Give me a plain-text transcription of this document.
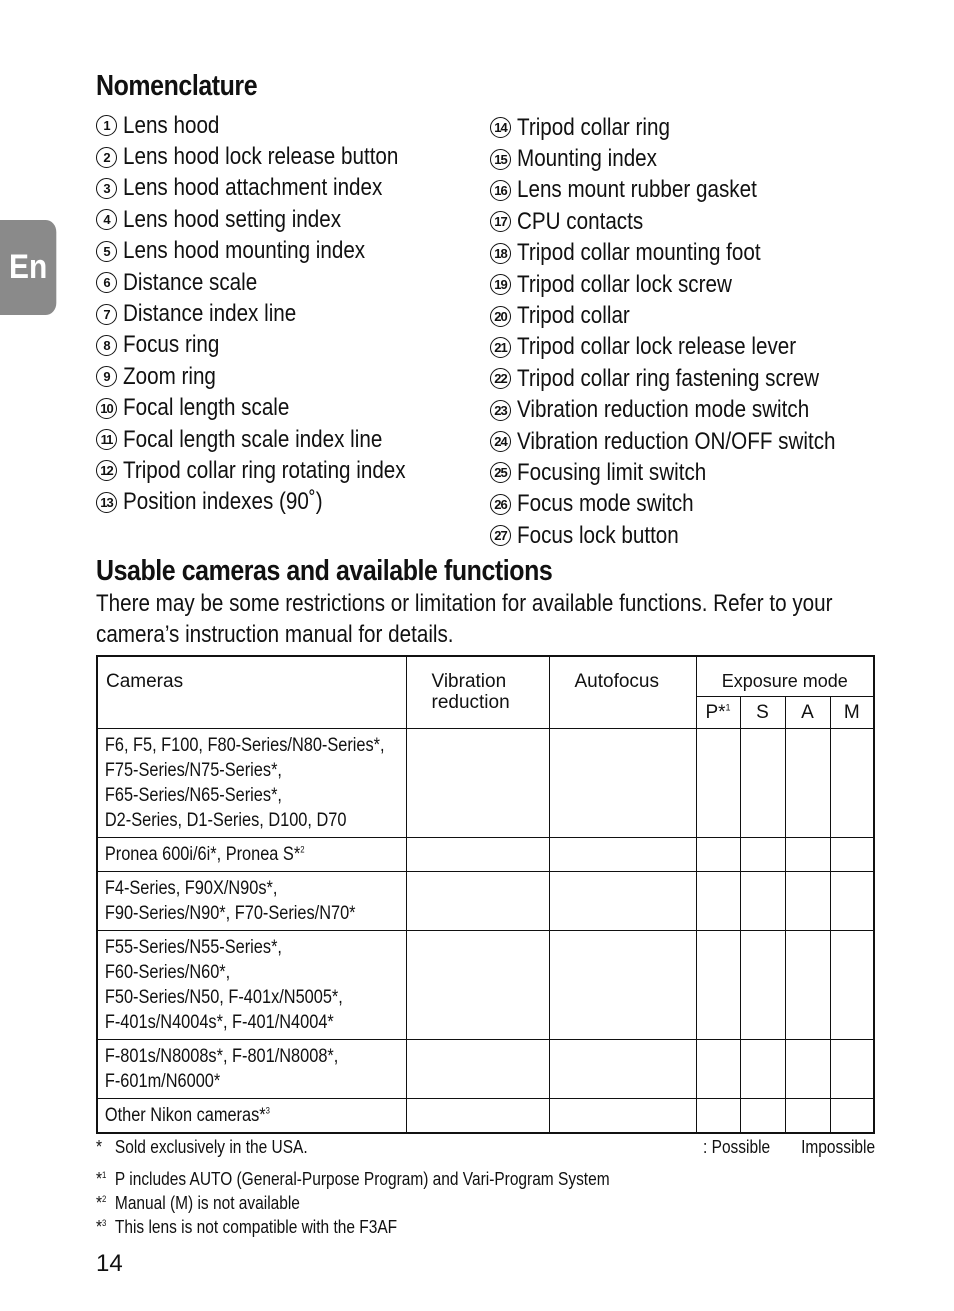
En
Nomenclature
1 Lens hood
2 Lens hood lock release button
3 Lens hood attachment index
4 Lens hood setting index
5 Lens hood mounting index
6 Distance scale
7 Distance index line
8 Focus ring
9 Zoom ring
10 Focal length scale
11 Focal length scale index line
12 Tripod collar ring rotating index
13 Position indexes (90˚)
14 Tripod collar ring
15 Mounting index
16 Lens mount rubber gasket
17 CPU contacts
18 Tripod collar mounting foot
19 Tripod collar lock screw
20 Tripod collar
21 Tripod collar lock release lever
22 Tripod collar ring fastening screw
23 Vibration reduction mode switch
24 Vibration reduction ON/OFF switch
25 Focusing limit switch
26 Focus mode switch
27 Focus lock button
Usable cameras and available functions

There may be some restrictions or limitation for available functions. Refer to your camera’s instruction manual for details.

Cameras	Vibration reduction	Autofocus	Exposure mode			

			P*$^1$	S	A	M

F6, F5, F100, F80-Series/N80-Series*,
F75-Series/N75-Series*,
F65-Series/N65-Series*,
D2-Series, D1-Series, D100, D70						

Pronea 600i/6i*, Pronea S*$^2$

F4-Series, F90X/N90s*,
F90-Series/N90*, F70-Series/N70*						

F55-Series/N55-Series*,
F60-Series/N60*,
F50-Series/N50, F-401x/N5005*,
F-401s/N4004s*, F-401/N4004*						

F-801s/N8008s*, F-801/N8008*,
F-601m/N6000*						

Other Nikon cameras*$^3$

* Sold exclusively in the USA.	: Possible Impossible

*$^1$ P includes AUTO (General-Purpose Program) and Vari-Program System

*$^2$ Manual (M) is not available

*$^3$ This lens is not compatible with the F3AF

14
